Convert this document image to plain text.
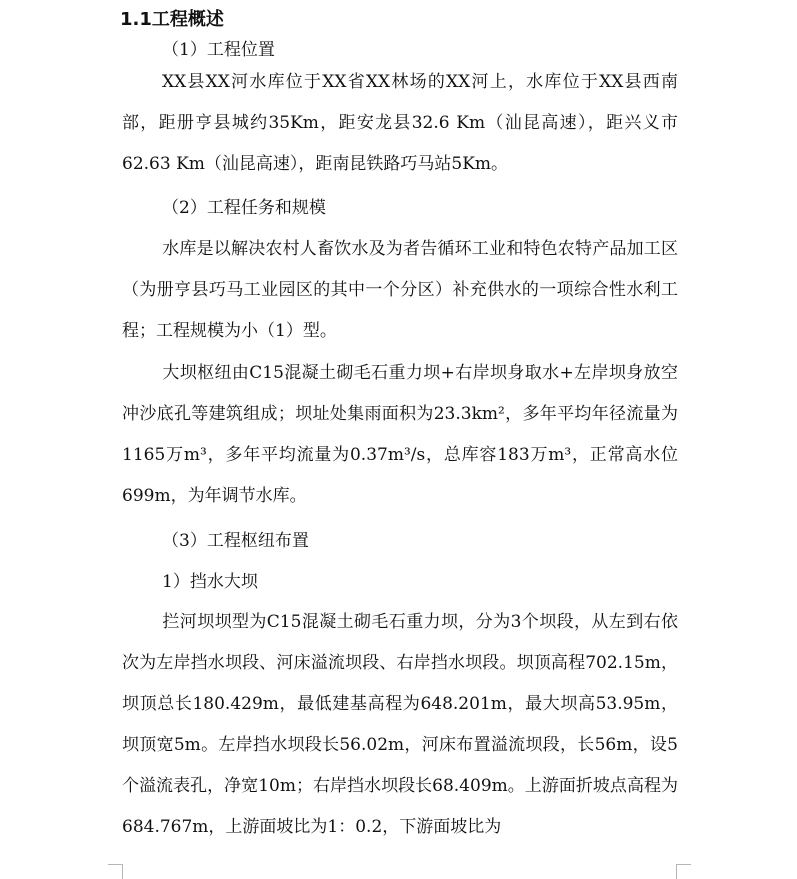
1.1工程概述
（1）工程位置

XX县XX河水库位于XX省XX林场的XX河上，水库位于XX县西南部，距册亨县城约35Km，距安龙县32.6 Km（汕昆高速），距兴义市62.63 Km（汕昆高速），距南昆铁路巧马站5Km。

（2）工程任务和规模

水库是以解决农村人畜饮水及为者告循环工业和特色农特产品加工区（为册亨县巧马工业园区的其中一个分区）补充供水的一项综合性水利工程；工程规模为小（1）型。

大坝枢纽由C15混凝土砌毛石重力坝+右岸坝身取水+左岸坝身放空冲沙底孔等建筑组成；坝址处集雨面积为23.3km²，多年平均年径流量为1165万m³，多年平均流量为0.37m³/s，总库容183万m³，正常高水位699m，为年调节水库。

（3）工程枢纽布置
1）挡水大坝

拦河坝坝型为C15混凝土砌毛石重力坝，分为3个坝段，从左到右依次为左岸挡水坝段、河床溢流坝段、右岸挡水坝段。坝顶高程702.15m，坝顶总长180.429m，最低建基高程为648.201m，最大坝高53.95m，坝顶宽5m。左岸挡水坝段长56.02m，河床布置溢流坝段，长56m，设5个溢流表孔，净宽10m；右岸挡水坝段长68.409m。上游面折坡点高程为684.767m，上游面坡比为1：0.2，下游面坡比为
